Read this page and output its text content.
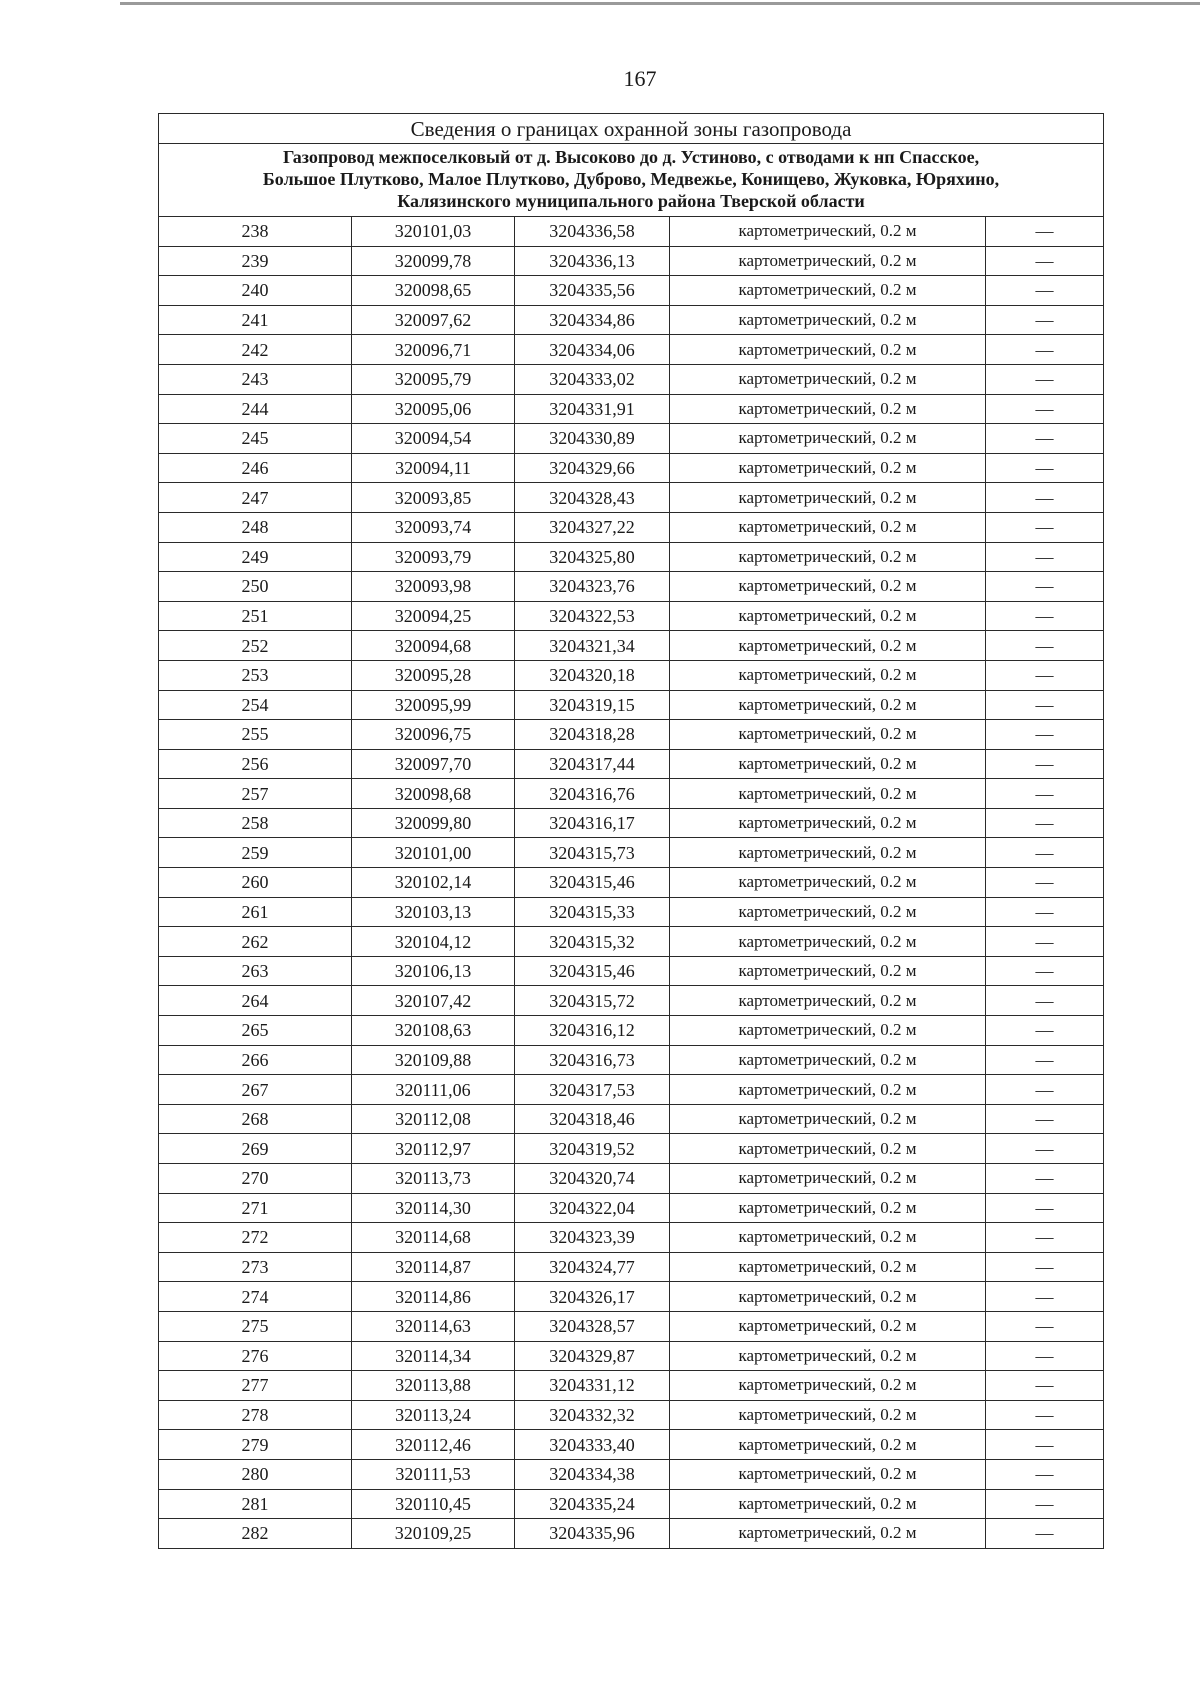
167
Сведения о границах охранной зоны газопровода				

Газопровод межпоселковый от д. Высоково до д. Устиново, с отводами к нп Спасское,
Большое Плутково, Малое Плутково, Дуброво, Медвежье, Конищево, Жуковка, Юряхино,
Калязинского муниципального района Тверской области				

238	320101,03	3204336,58	картометрический, 0.2 м	—
239	320099,78	3204336,13	картометрический, 0.2 м	—
240	320098,65	3204335,56	картометрический, 0.2 м	—
241	320097,62	3204334,86	картометрический, 0.2 м	—
242	320096,71	3204334,06	картометрический, 0.2 м	—
243	320095,79	3204333,02	картометрический, 0.2 м	—
244	320095,06	3204331,91	картометрический, 0.2 м	—
245	320094,54	3204330,89	картометрический, 0.2 м	—
246	320094,11	3204329,66	картометрический, 0.2 м	—
247	320093,85	3204328,43	картометрический, 0.2 м	—
248	320093,74	3204327,22	картометрический, 0.2 м	—
249	320093,79	3204325,80	картометрический, 0.2 м	—
250	320093,98	3204323,76	картометрический, 0.2 м	—
251	320094,25	3204322,53	картометрический, 0.2 м	—
252	320094,68	3204321,34	картометрический, 0.2 м	—
253	320095,28	3204320,18	картометрический, 0.2 м	—
254	320095,99	3204319,15	картометрический, 0.2 м	—
255	320096,75	3204318,28	картометрический, 0.2 м	—
256	320097,70	3204317,44	картометрический, 0.2 м	—
257	320098,68	3204316,76	картометрический, 0.2 м	—
258	320099,80	3204316,17	картометрический, 0.2 м	—
259	320101,00	3204315,73	картометрический, 0.2 м	—
260	320102,14	3204315,46	картометрический, 0.2 м	—
261	320103,13	3204315,33	картометрический, 0.2 м	—
262	320104,12	3204315,32	картометрический, 0.2 м	—
263	320106,13	3204315,46	картометрический, 0.2 м	—
264	320107,42	3204315,72	картометрический, 0.2 м	—
265	320108,63	3204316,12	картометрический, 0.2 м	—
266	320109,88	3204316,73	картометрический, 0.2 м	—
267	320111,06	3204317,53	картометрический, 0.2 м	—
268	320112,08	3204318,46	картометрический, 0.2 м	—
269	320112,97	3204319,52	картометрический, 0.2 м	—
270	320113,73	3204320,74	картометрический, 0.2 м	—
271	320114,30	3204322,04	картометрический, 0.2 м	—
272	320114,68	3204323,39	картометрический, 0.2 м	—
273	320114,87	3204324,77	картометрический, 0.2 м	—
274	320114,86	3204326,17	картометрический, 0.2 м	—
275	320114,63	3204328,57	картометрический, 0.2 м	—
276	320114,34	3204329,87	картометрический, 0.2 м	—
277	320113,88	3204331,12	картометрический, 0.2 м	—
278	320113,24	3204332,32	картометрический, 0.2 м	—
279	320112,46	3204333,40	картометрический, 0.2 м	—
280	320111,53	3204334,38	картометрический, 0.2 м	—
281	320110,45	3204335,24	картометрический, 0.2 м	—
282	320109,25	3204335,96	картометрический, 0.2 м	—
